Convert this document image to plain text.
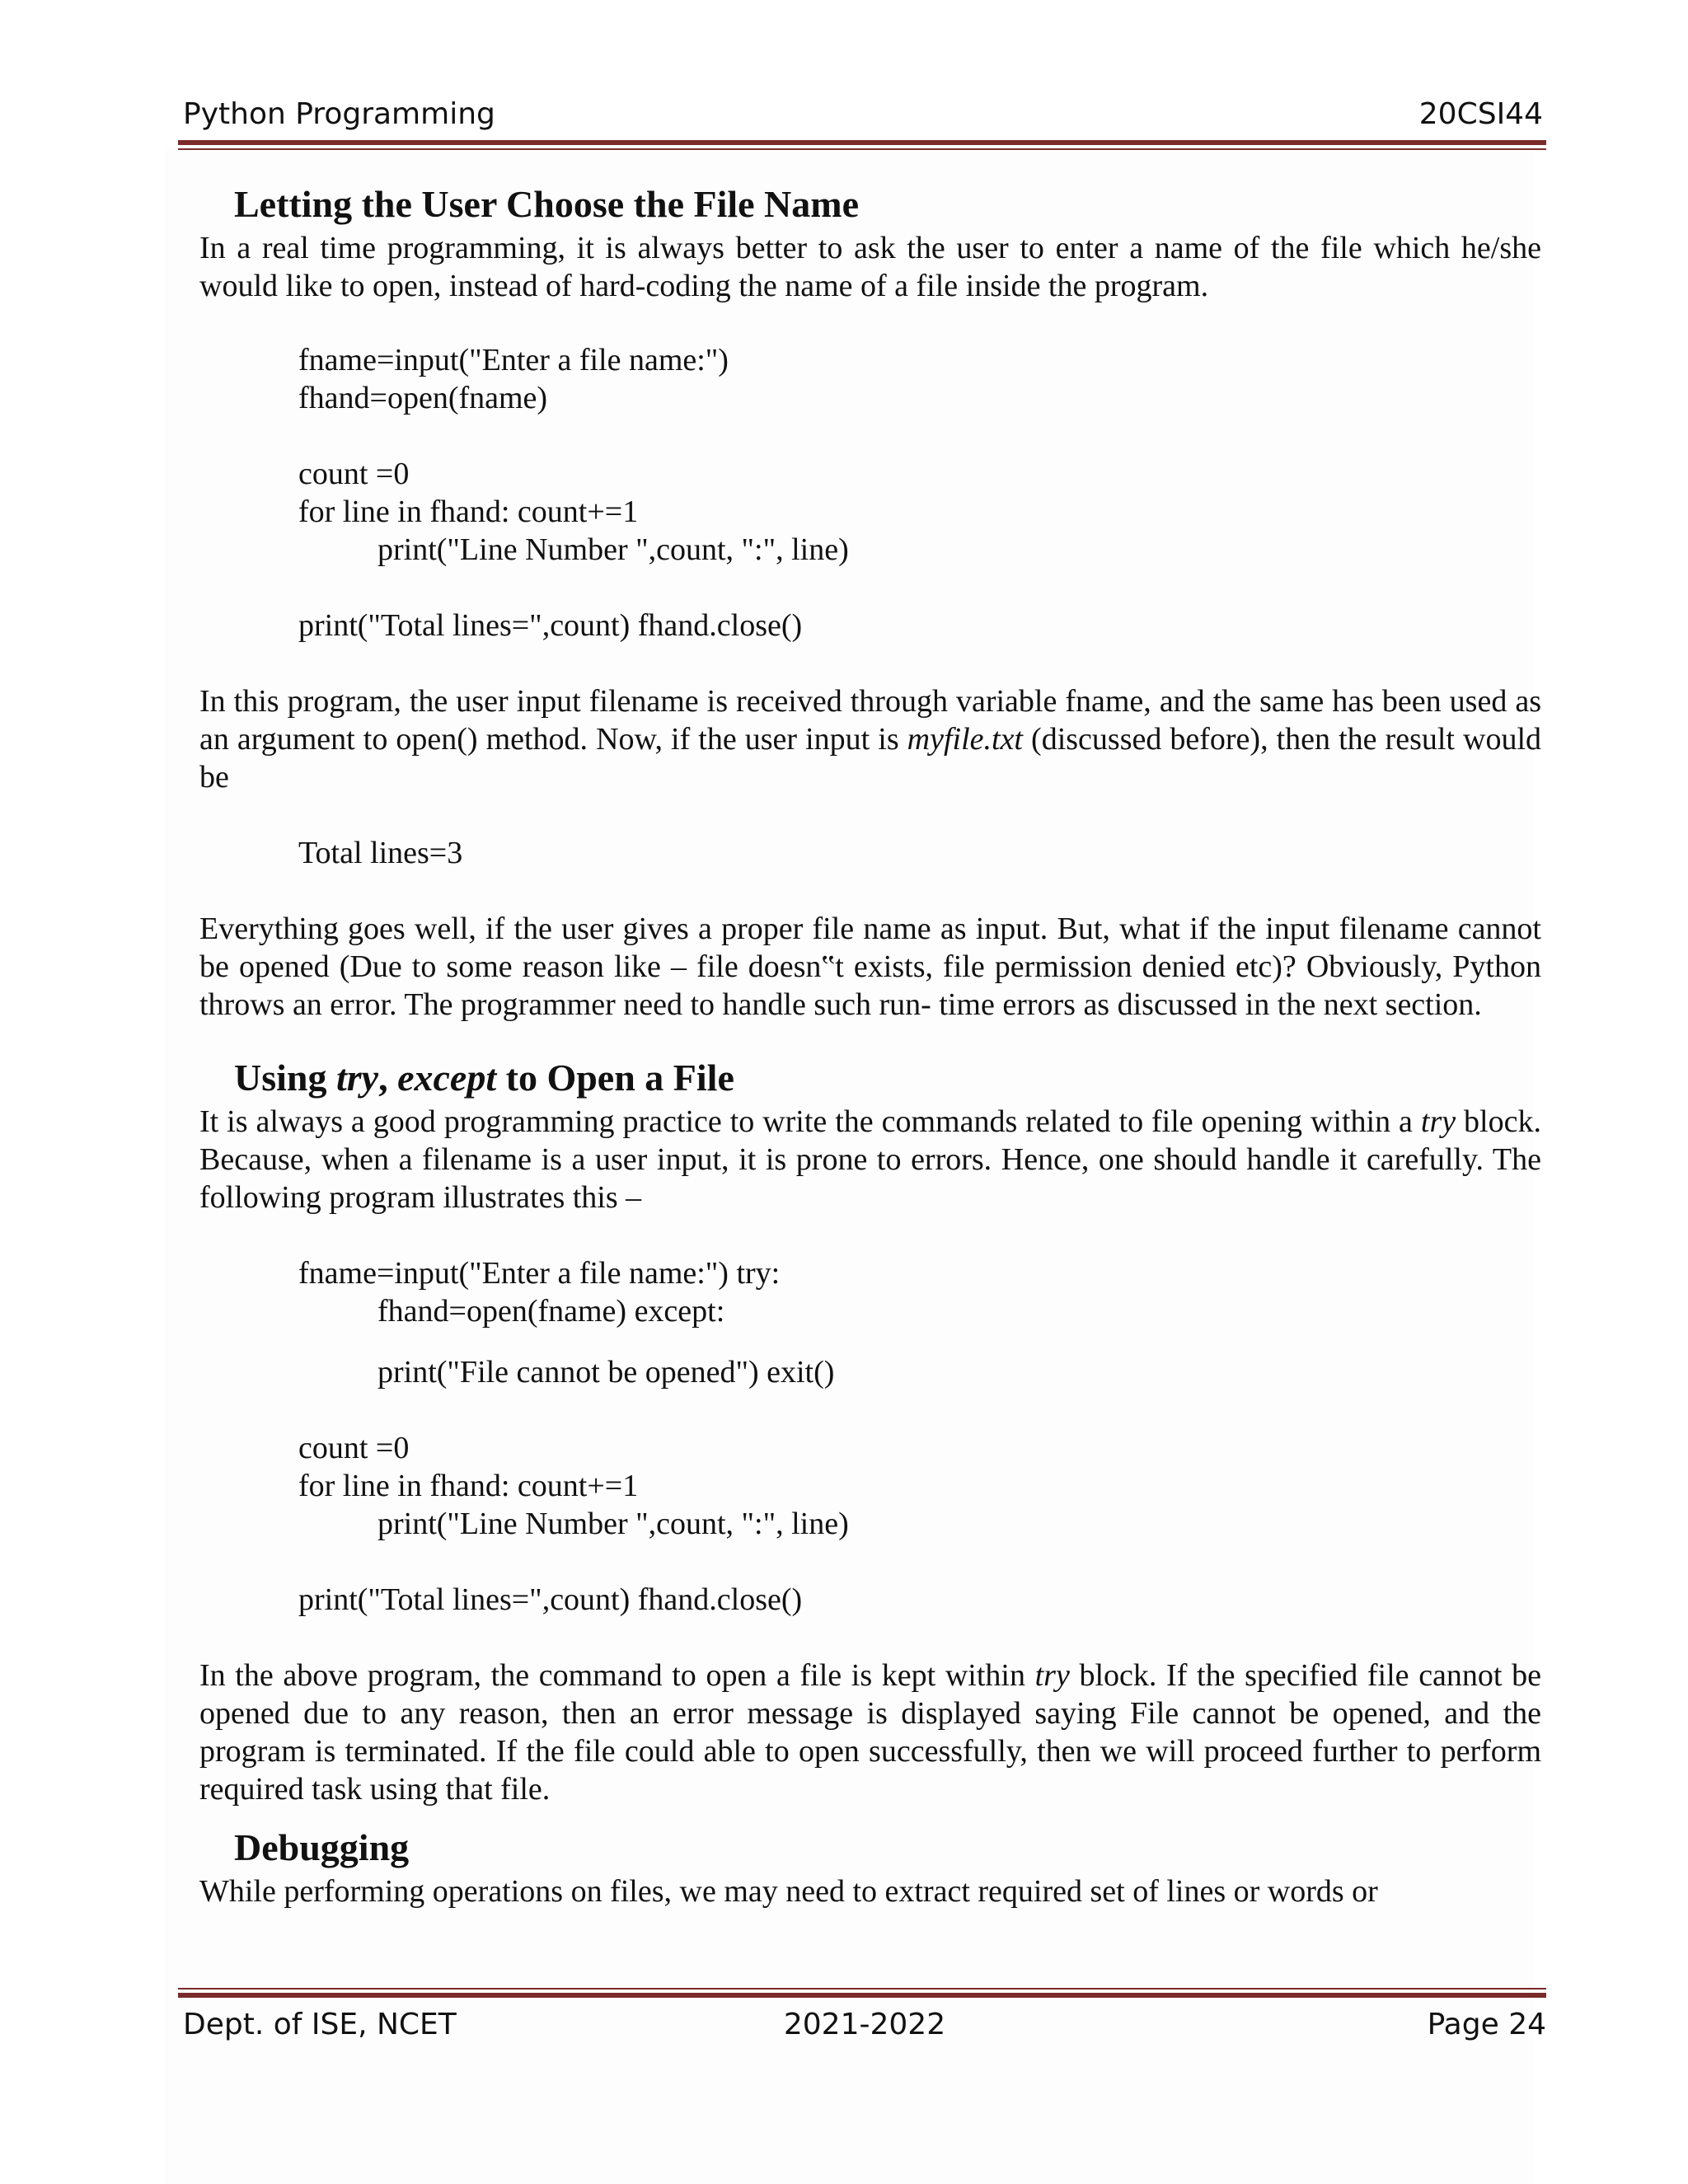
Python Programming	20CSI44
Letting the User Choose the File Name

In a real time programming, it is always better to ask the user to enter a name of the file which he/she would like to open, instead of hard-coding the name of a file inside the program.

fname=input("Enter a file name:")
fhand=open(fname)
count =0
for line in fhand: count+=1
print("Line Number ",count, ":", line)
print("Total lines=",count) fhand.close()

In this program, the user input filename is received through variable fname, and the same has been used as an argument to open() method. Now, if the user input is myfile.txt (discussed before), then the result would be

Total lines=3

Everything goes well, if the user gives a proper file name as input. But, what if the input filename cannot be opened (Due to some reason like – file doesn‟t exists, file permission denied etc)? Obviously, Python throws an error. The programmer need to handle such run- time errors as discussed in the next section.

Using try, except to Open a File

It is always a good programming practice to write the commands related to file opening within a try block. Because, when a filename is a user input, it is prone to errors. Hence, one should handle it carefully. The following program illustrates this –

fname=input("Enter a file name:") try:
fhand=open(fname) except:
print("File cannot be opened") exit()
count =0
for line in fhand: count+=1
print("Line Number ",count, ":", line)
print("Total lines=",count) fhand.close()

In the above program, the command to open a file is kept within try block. If the specified file cannot be opened due to any reason, then an error message is displayed saying File cannot be opened, and the program is terminated. If the file could able to open successfully, then we will proceed further to perform required task using that file.

Debugging

While performing operations on files, we may need to extract required set of lines or words or

Dept. of ISE, NCET	2021-2022	Page 24
